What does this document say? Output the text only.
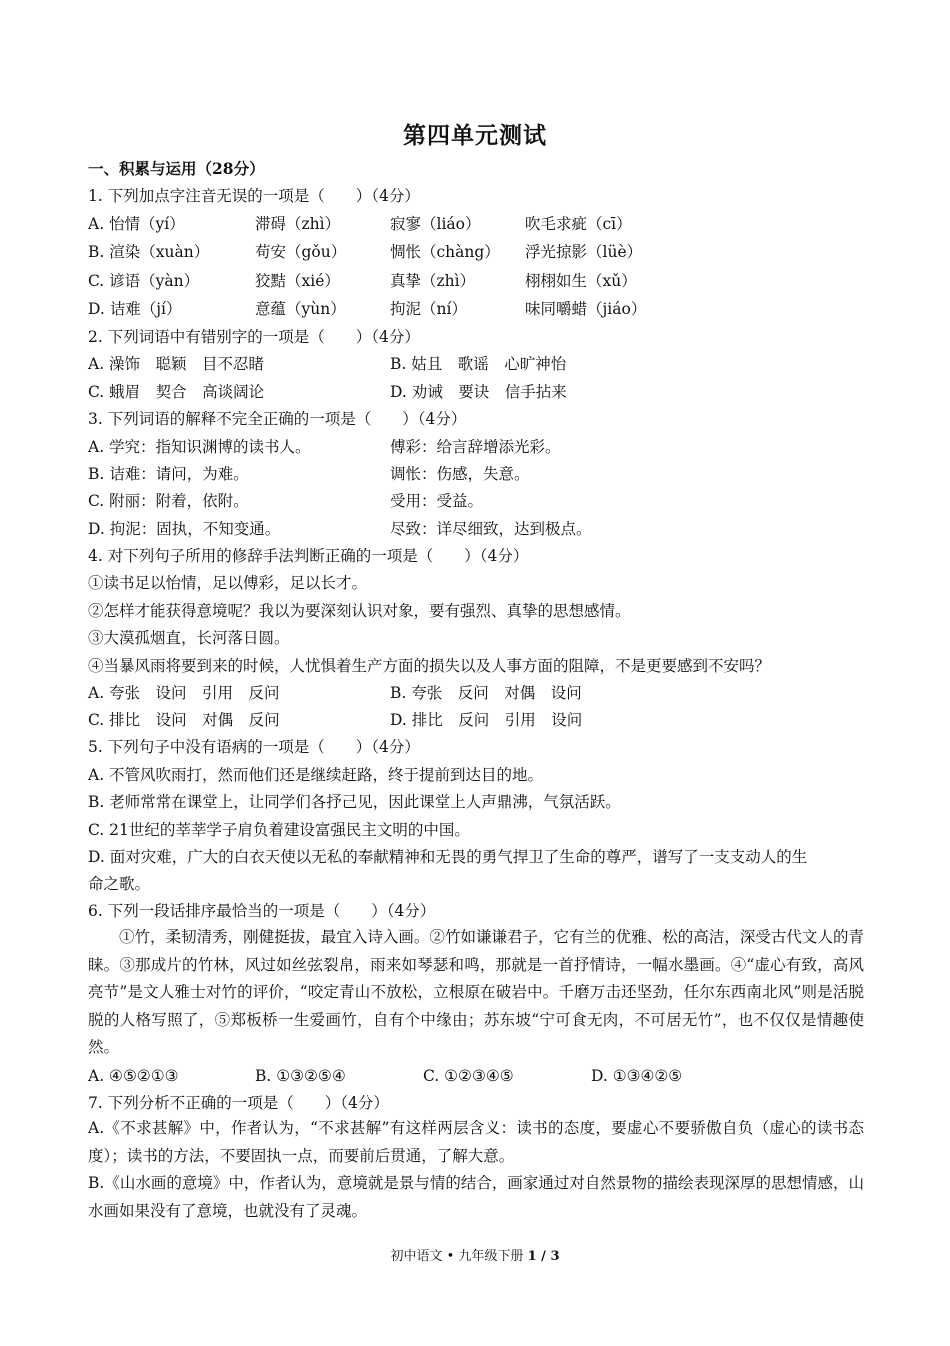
第四单元测试
一、积累与运用（28分）
1. 下列加点字注音无误的一项是（　　）（4分）
A. 怡情（yí）	滞碍（zhì）	寂寥（liáo）	吹毛求疵（cī）
B. 渲染（xuàn）	苟安（gǒu）	惆怅（chàng） 浮光掠影（lüè）
C. 谚语（yàn）	狡黠（xié）	真挚（zhì）	栩栩如生（xǔ）
D. 诘难（jí）	意蕴（yùn）	拘泥（ní）	味同嚼蜡（jiáo）
2. 下列词语中有错别字的一项是（　　）（4分）
A. 澡饰　聪颖　目不忍睹	B. 姑且　歌谣　心旷神怡
C. 蛾眉　契合　高谈阔论	D. 劝诫　要诀　信手拈来
3. 下列词语的解释不完全正确的一项是（　　）（4分）
A. 学究：指知识渊博的读书人。	傅彩：给言辞增添光彩。
B. 诘难：请问，为难。	调怅：伤感，失意。
C. 附丽：附着，依附。	受用：受益。
D. 拘泥：固执，不知变通。	尽致：详尽细致，达到极点。
4. 对下列句子所用的修辞手法判断正确的一项是（　　）（4分）
①读书足以怡情，足以傅彩，足以长才。
②怎样才能获得意境呢？我以为要深刻认识对象，要有强烈、真挚的思想感情。
③大漠孤烟直，长河落日圆。
④当暴风雨将要到来的时候，人忧惧着生产方面的损失以及人事方面的阻障，不是更要感到不安吗？
A. 夸张　设问　引用　反问	B. 夸张　反问　对偶　设问
C. 排比　设问　对偶　反问	D. 排比　反问　引用　设问
5. 下列句子中没有语病的一项是（　　）（4分）
A. 不管风吹雨打，然而他们还是继续赶路，终于提前到达目的地。
B. 老师常常在课堂上，让同学们各抒己见，因此课堂上人声鼎沸，气氛活跃。
C. 21世纪的莘莘学子肩负着建设富强民主文明的中国。
D. 面对灾难，广大的白衣天使以无私的奉献精神和无畏的勇气捍卫了生命的尊严，谱写了一支支动人的生
命之歌。
6. 下列一段话排序最恰当的一项是（　　）（4分）
①竹，柔韧清秀，刚健挺拔，最宜入诗入画。②竹如谦谦君子，它有兰的优雅、松的高洁，深受古代文人的青睐。③那成片的竹林，风过如丝弦裂帛，雨来如琴瑟和鸣，那就是一首抒情诗，一幅水墨画。④“虚心有致，高风亮节”是文人雅士对竹的评价，“咬定青山不放松，立根原在破岩中。千磨万击还坚劲，任尔东西南北风”则是活脱脱的人格写照了，⑤郑板桥一生爱画竹，自有个中缘由；苏东坡“宁可食无肉，不可居无竹”，也不仅仅是情趣使然。
A. ④⑤②①③	B. ①③②⑤④	C. ①②③④⑤	D. ①③④②⑤
7. 下列分析不正确的一项是（　　）（4分）
A.《不求甚解》中，作者认为，“不求甚解”有这样两层含义：读书的态度，要虚心不要骄傲自负（虚心的读书态度）；读书的方法，不要固执一点，而要前后贯通，了解大意。
B.《山水画的意境》中，作者认为，意境就是景与情的结合，画家通过对自然景物的描绘表现深厚的思想情感，山水画如果没有了意境，也就没有了灵魂。
初中语文 • 九年级下册 1 / 3
